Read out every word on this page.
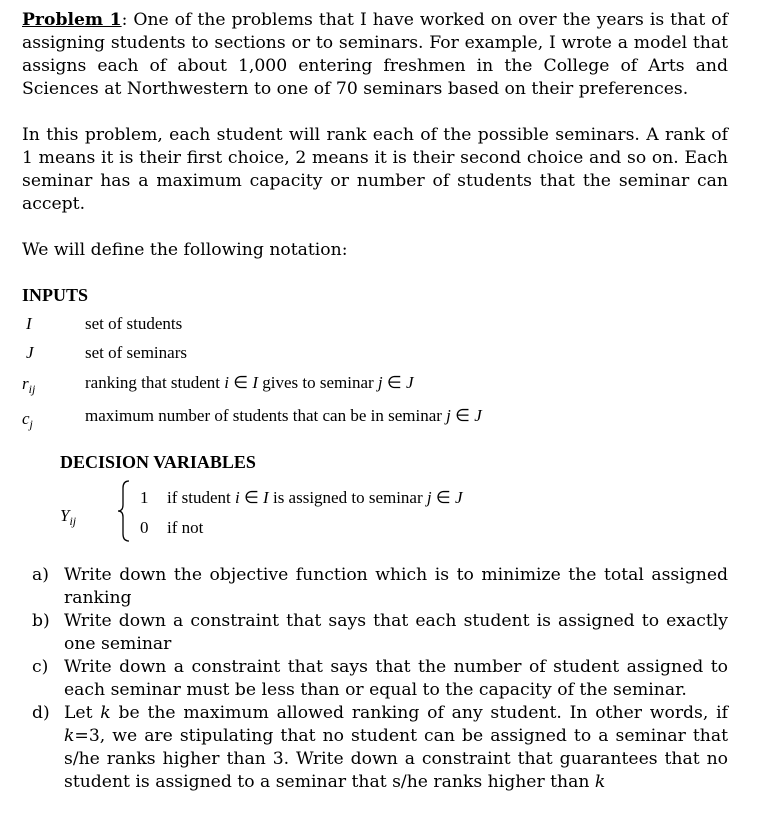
Problem 1: One of the problems that I have worked on over the years is that of assigning students to sections or to seminars. For example, I wrote a model that assigns each of about 1,000 entering freshmen in the College of Arts and Sciences at Northwestern to one of 70 seminars based on their preferences.
In this problem, each student will rank each of the possible seminars. A rank of 1 means it is their first choice, 2 means it is their second choice and so on. Each seminar has a maximum capacity or number of students that the seminar can accept.
We will define the following notation:
INPUTS
I	set of students
J	set of seminars
$r_{ij}$	ranking that student i ∈ I gives to seminar j ∈ J
$c_j$	maximum number of students that can be in seminar j ∈ J
DECISION VARIABLES
$Y_{ij}$
1 if student i ∈ I is assigned to seminar j ∈ J
0 if not
a) Write down the objective function which is to minimize the total assigned ranking
b) Write down a constraint that says that each student is assigned to exactly one seminar
c) Write down a constraint that says that the number of student assigned to each seminar must be less than or equal to the capacity of the seminar.
d) Let k be the maximum allowed ranking of any student. In other words, if k=3, we are stipulating that no student can be assigned to a seminar that s/he ranks higher than 3. Write down a constraint that guarantees that no student is assigned to a seminar that s/he ranks higher than k
